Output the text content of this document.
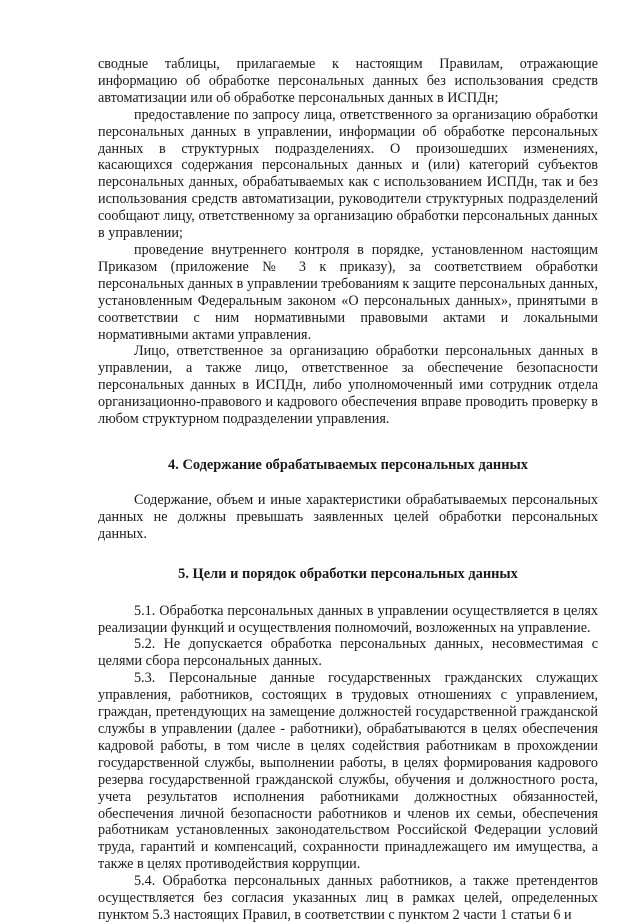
сводные таблицы, прилагаемые к настоящим Правилам, отражающие информацию об обработке персональных данных без использования средств автоматизации или об обработке персональных данных в ИСПДн;

предоставление по запросу лица, ответственного за организацию обработки персональных данных в управлении, информации об обработке персональных данных в структурных подразделениях. О произошедших изменениях, касающихся содержания персональных данных и (или) категорий субъектов персональных данных, обрабатываемых как с использованием ИСПДн, так и без использования средств автоматизации, руководители структурных подразделений сообщают лицу, ответственному за организацию обработки персональных данных в управлении;

проведение внутреннего контроля в порядке, установленном настоящим Приказом (приложение № 3 к приказу), за соответствием обработки персональных данных в управлении требованиям к защите персональных данных, установленным Федеральным законом «О персональных данных», принятыми в соответствии с ним нормативными правовыми актами и локальными нормативными актами управления.

Лицо, ответственное за организацию обработки персональных данных в управлении, а также лицо, ответственное за обеспечение безопасности персональных данных в ИСПДн, либо уполномоченный ими сотрудник отдела организационно-правового и кадрового обеспечения вправе проводить проверку в любом структурном подразделении управления.

4. Содержание обрабатываемых персональных данных

Содержание, объем и иные характеристики обрабатываемых персональных данных не должны превышать заявленных целей обработки персональных данных.

5. Цели и порядок обработки персональных данных

5.1. Обработка персональных данных в управлении осуществляется в целях реализации функций и осуществления полномочий, возложенных на управление.

5.2. Не допускается обработка персональных данных, несовместимая с целями сбора персональных данных.

5.3. Персональные данные государственных гражданских служащих управления, работников, состоящих в трудовых отношениях с управлением, граждан, претендующих на замещение должностей государственной гражданской службы в управлении (далее - работники), обрабатываются в целях обеспечения кадровой работы, в том числе в целях содействия работникам в прохождении государственной службы, выполнении работы, в целях формирования кадрового резерва государственной гражданской службы, обучения и должностного роста, учета результатов исполнения работниками должностных обязанностей, обеспечения личной безопасности работников и членов их семьи, обеспечения работникам установленных законодательством Российской Федерации условий труда, гарантий и компенсаций, сохранности принадлежащего им имущества, а также в целях противодействия коррупции.

5.4. Обработка персональных данных работников, а также претендентов осуществляется без согласия указанных лиц в рамках целей, определенных пунктом 5.3 настоящих Правил, в соответствии с пунктом 2 части 1 статьи 6 и
